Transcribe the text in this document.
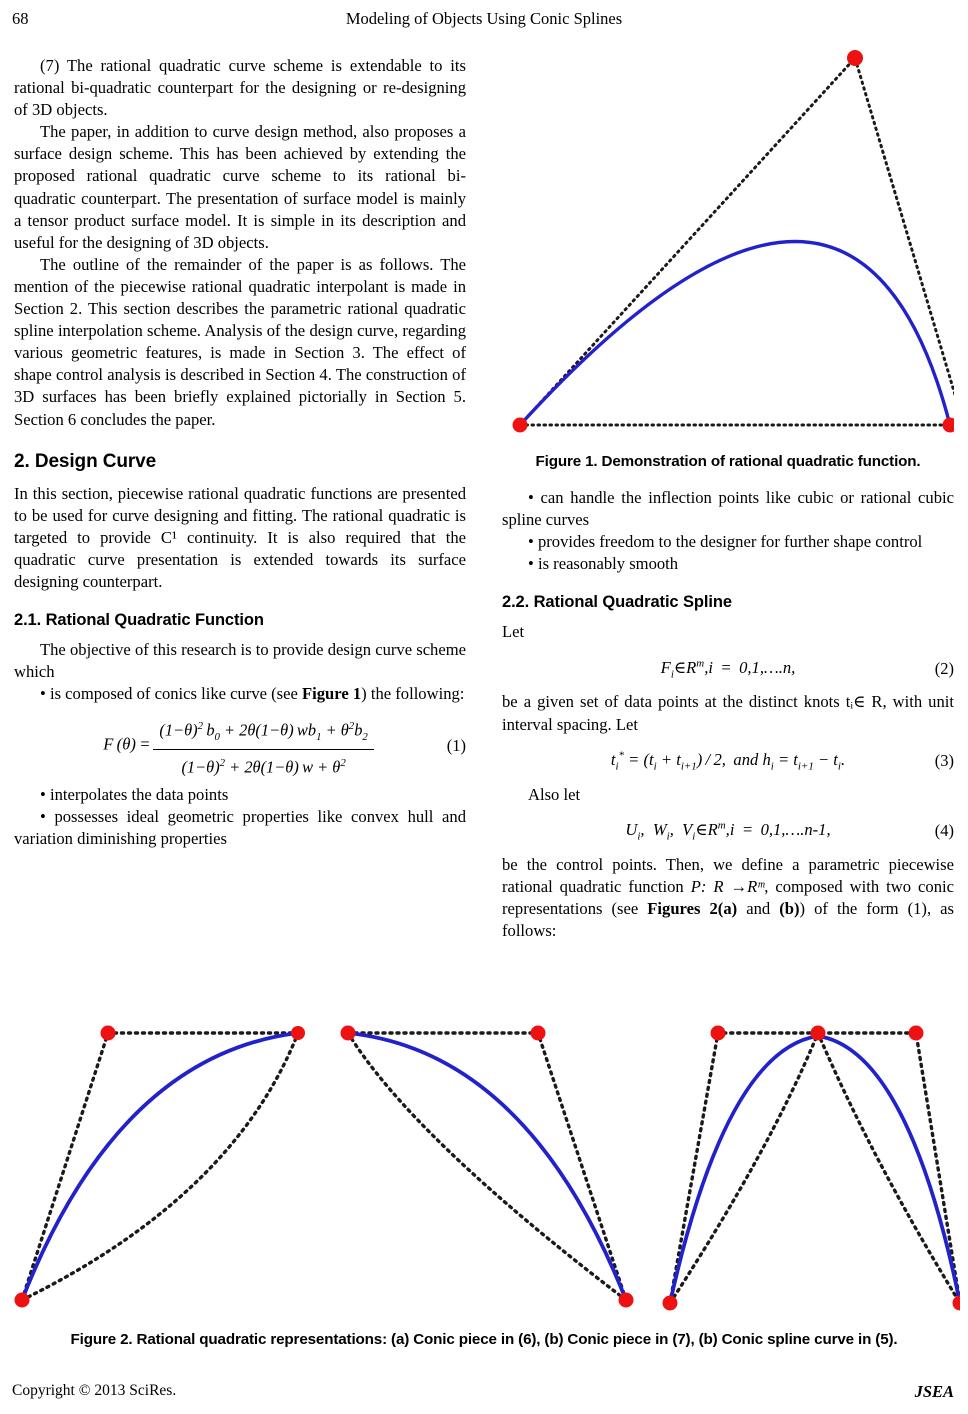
68	Modeling of Objects Using Conic Splines

(7) The rational quadratic curve scheme is extendable to its rational bi-quadratic counterpart for the designing or re-designing of 3D objects.

The paper, in addition to curve design method, also proposes a surface design scheme. This has been achieved by extending the proposed rational quadratic curve scheme to its rational bi-quadratic counterpart. The presentation of surface model is mainly a tensor product surface model. It is simple in its description and useful for the designing of 3D objects.

The outline of the remainder of the paper is as follows. The mention of the piecewise rational quadratic interpolant is made in Section 2. This section describes the parametric rational quadratic spline interpolation scheme. Analysis of the design curve, regarding various geometric features, is made in Section 3. The effect of shape control analysis is described in Section 4. The construction of 3D surfaces has been briefly explained pictorially in Section 5. Section 6 concludes the paper.

2. Design Curve

In this section, piecewise rational quadratic functions are presented to be used for curve designing and fitting. The rational quadratic is targeted to provide C¹ continuity. It is also required that the quadratic curve presentation is extended towards its surface designing counterpart.

2.1. Rational Quadratic Function

The objective of this research is to provide design curve scheme which

• is composed of conics like curve (see Figure 1) the following:

F $(\theta) = \frac{(1-\theta)^2 b_0 + 2\theta(1-\theta) wb_1 + \theta^2b_2}{(1-\theta)^2 + 2\theta(1-\theta) w + \theta^2}$	(1)

• interpolates the data points

• possesses ideal geometric properties like convex hull and variation diminishing properties

Figure 1. Demonstration of rational quadratic function.

• can handle the inflection points like cubic or rational cubic spline curves

• provides freedom to the designer for further shape control

• is reasonably smooth

2.2. Rational Quadratic Spline

Let

$F_i\in R^m,i$  =  0,1,….n,	(2)

be a given set of data points at the distinct knots tᵢ∈ R, with unit interval spacing. Let

$t_i^* = (t_i + t_{i+1}) / 2$,  and $h_i = t_{i+1} - t_i$.	(3)

Also let

$U_i$, $W_i$, $V_i\in R^m,i$  =  0,1,….n-1,	(4)

be the control points. Then, we define a parametric piecewise rational quadratic function P: R →Rᵐ, composed with two conic representations (see Figures 2(a) and (b)) of the form (1), as follows:

Figure 2. Rational quadratic representations: (a) Conic piece in (6), (b) Conic piece in (7), (b) Conic spline curve in (5).
Copyright © 2013 SciRes.	JSEA
